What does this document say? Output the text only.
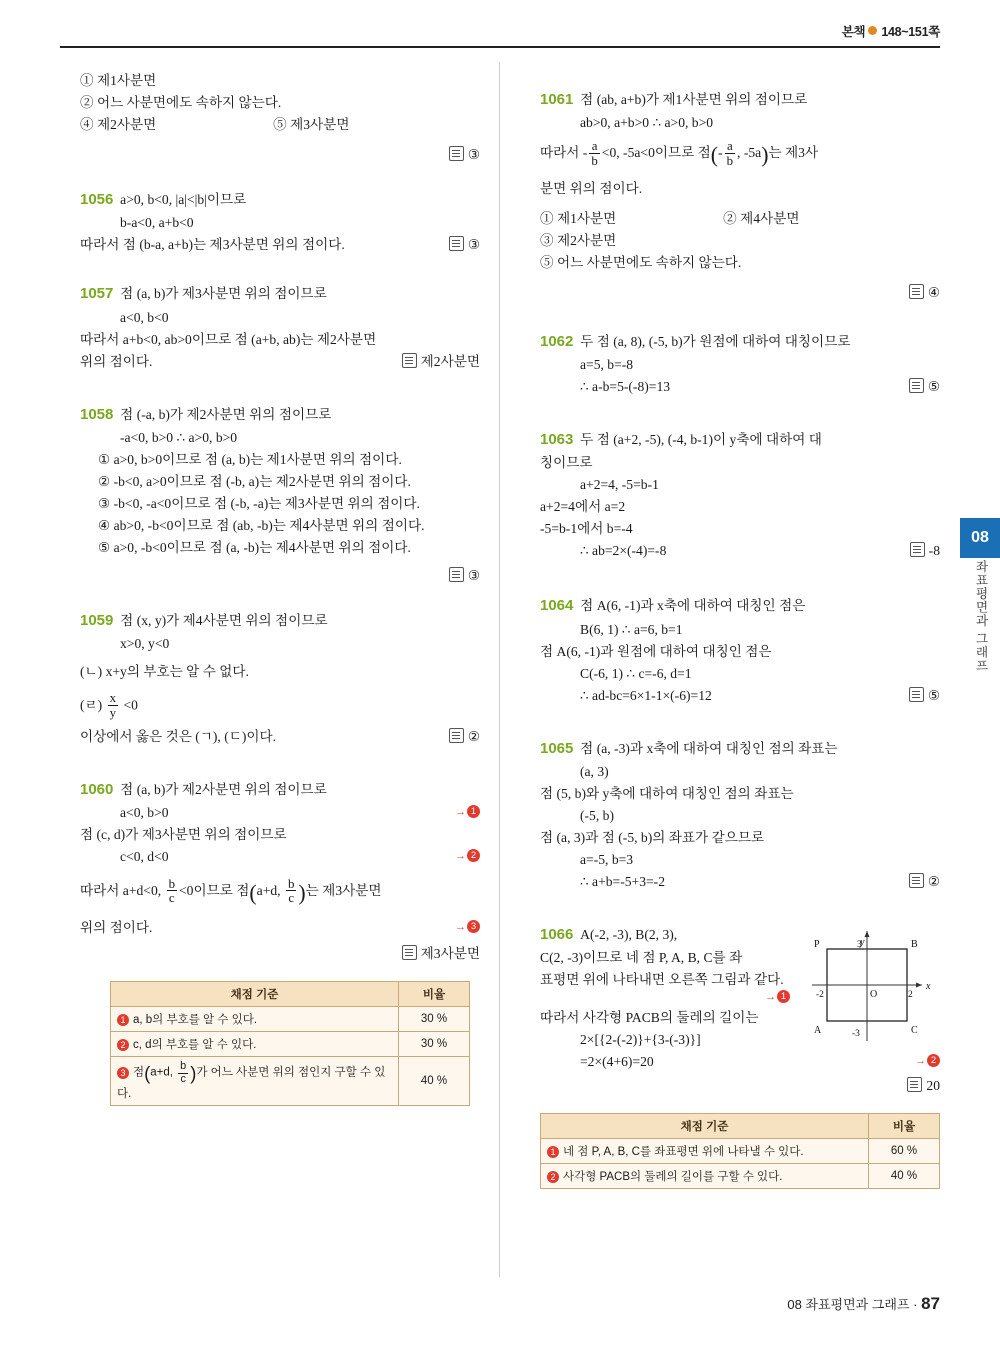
본책 148~151쪽
08
좌표평면과 그래프
① 제1사분면
② 어느 사분면에도 속하지 않는다.
④ 제2사분면	⑤ 제3사분면
③
1056 a>0, b<0, |a|<|b|이므로
b-a<0, a+b<0
따라서 점 (b-a, a+b)는 제3사분면 위의 점이다.	③
1057 점 (a, b)가 제3사분면 위의 점이므로
a<0, b<0
따라서 a+b<0, ab>0이므로 점 (a+b, ab)는 제2사분면
위의 점이다.	제2사분면
1058 점 (-a, b)가 제2사분면 위의 점이므로
-a<0, b>0 ∴ a>0, b>0
① a>0, b>0이므로 점 (a, b)는 제1사분면 위의 점이다.
② -b<0, a>0이므로 점 (-b, a)는 제2사분면 위의 점이다.
③ -b<0, -a<0이므로 점 (-b, -a)는 제3사분면 위의 점이다.
④ ab>0, -b<0이므로 점 (ab, -b)는 제4사분면 위의 점이다.
⑤ a>0, -b<0이므로 점 (a, -b)는 제4사분면 위의 점이다.
③
1059 점 (x, y)가 제4사분면 위의 점이므로
x>0, y<0
(ㄴ) x+y의 부호는 알 수 없다.
(ㄹ) $\frac{x}{y} <0$
이상에서 옳은 것은 (ㄱ), (ㄷ)이다.	②
1060 점 (a, b)가 제2사분면 위의 점이므로
a<0, b>0	→ 1
점 (c, d)가 제3사분면 위의 점이므로
c<0, d<0	→ 2
따라서 a+d<0, $\frac{b}{c} <0$이므로 점(a+d, $\frac{b}{c}$ )는 제3사분면
위의 점이다.	→ 3
제3사분면
채점 기준	비율
1 a, b의 부호를 알 수 있다.	30 %
2 c, d의 부호를 알 수 있다.	30 %
3 점(a+d, $\frac{b}{c}$ )가 어느 사분면 위의 점인지 구할 수 있다.	40 %
1061 점 (ab, a+b)가 제1사분면 위의 점이므로
ab>0, a+b>0 ∴ a>0, b>0
따라서 - $\frac{a}{b} <0$, -5a<0이므로 점(- $\frac{a}{b}$ , -5a)는 제3사
분면 위의 점이다.
① 제1사분면	② 제4사분면
③ 제2사분면
⑤ 어느 사분면에도 속하지 않는다.
④
1062 두 점 (a, 8), (-5, b)가 원점에 대하여 대칭이므로
a=5, b=-8
∴ a-b=5-(-8)=13	⑤
1063 두 점 (a+2, -5), (-4, b-1)이 y축에 대하여 대
칭이므로
a+2=4, -5=b-1
a+2=4에서 a=2
-5=b-1에서 b=-4
∴ ab=2×(-4)=-8	-8
1064 점 A(6, -1)과 x축에 대하여 대칭인 점은
B(6, 1) ∴ a=6, b=1
점 A(6, -1)과 원점에 대하여 대칭인 점은
C(-6, 1) ∴ c=-6, d=1
∴ ad-bc=6×1-1×(-6)=12	⑤
1065 점 (a, -3)과 x축에 대하여 대칭인 점의 좌표는
(a, 3)
점 (5, b)와 y축에 대하여 대칭인 점의 좌표는
(-5, b)
점 (a, 3)과 점 (-5, b)의 좌표가 같으므로
a=-5, b=3
∴ a+b=-5+3=-2	②
1066 A(-2, -3), B(2, 3),
C(2, -3)이므로 네 점 P, A, B, C를 좌
표평면 위에 나타내면 오른쪽 그림과 같다.
y
x
O
3
-3
-2	2
P	B
A	C
따라서 사각형 PACB의 둘레의 길이는
→ 1
2×[{2-(-2)}+{3-(-3)}]
=2×(4+6)=20	→ 2
20
채점 기준	비율
1 네 점 P, A, B, C를 좌표평면 위에 나타낼 수 있다.	60 %
2 사각형 PACB의 둘레의 길이를 구할 수 있다.	40 %
08 좌표평면과 그래프 · 87
